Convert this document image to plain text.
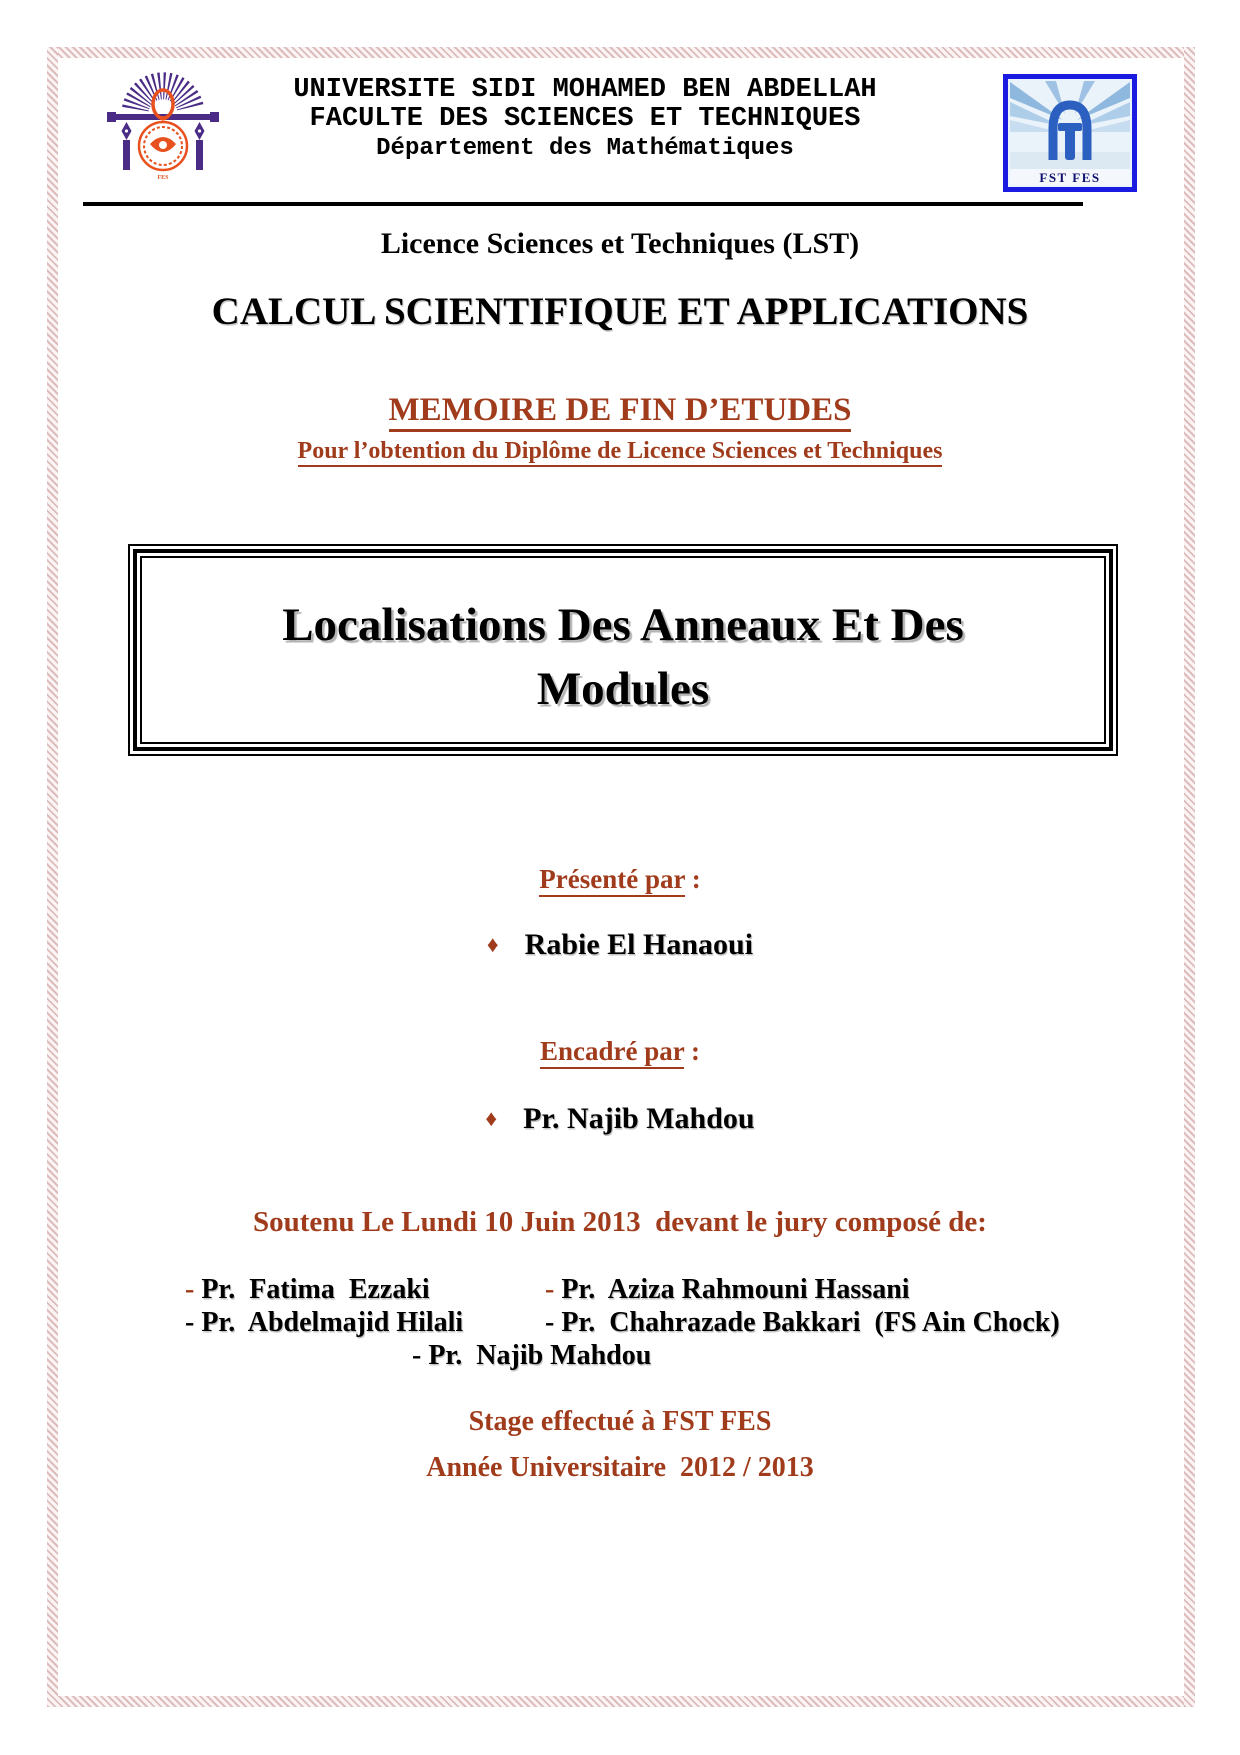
FES
UNIVERSITE SIDI MOHAMED BEN ABDELLAH
FACULTE DES SCIENCES ET TECHNIQUES
Département des Mathématiques
FST FES
Licence Sciences et Techniques (LST)
CALCUL SCIENTIFIQUE ET APPLICATIONS
MEMOIRE DE FIN D’ETUDES
Pour l’obtention du Diplôme de Licence Sciences et Techniques
Localisations Des Anneaux Et Des
Modules
Présenté par :
♦ Rabie El Hanaoui
Encadré par :
♦ Pr. Najib Mahdou
Soutenu Le Lundi 10 Juin 2013  devant le jury composé de:
- Pr.  Fatima  Ezzaki	- Pr.  Aziza Rahmouni Hassani
- Pr.  Abdelmajid Hilali	- Pr.  Chahrazade Bakkari  (FS Ain Chock)
- Pr.  Najib Mahdou
Stage effectué à FST FES
Année Universitaire  2012 / 2013
